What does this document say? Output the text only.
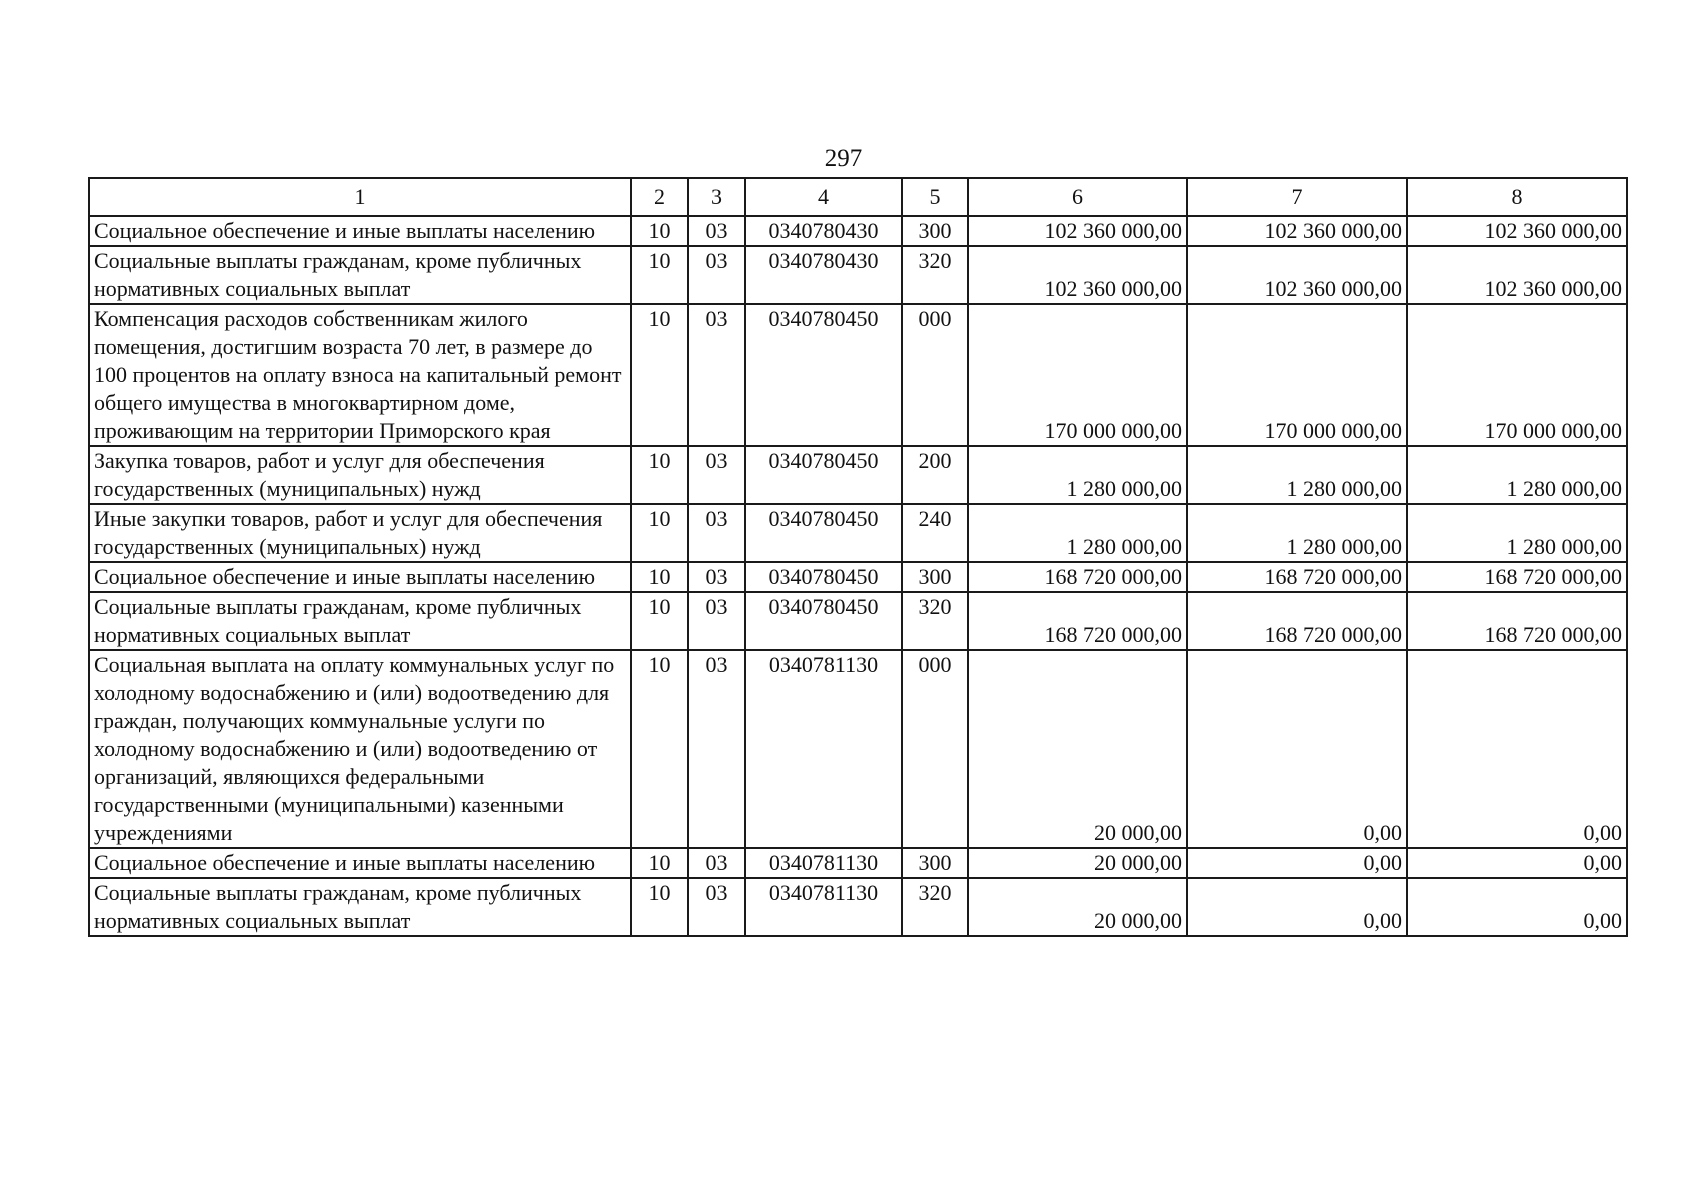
297
1	2	3	4	5	6	7	8
Социальное обеспечение и иные выплаты населению	10	03	0340780430	300	102 360 000,00	102 360 000,00	102 360 000,00
Социальные выплаты гражданам, кроме публичных нормативных социальных выплат	10	03	0340780430	320	102 360 000,00	102 360 000,00	102 360 000,00
Компенсация расходов собственникам жилого помещения, достигшим возраста 70 лет, в размере до 100 процентов на оплату взноса на капитальный ремонт общего имущества в многоквартирном доме, проживающим на территории Приморского края	10	03	0340780450	000	170 000 000,00	170 000 000,00	170 000 000,00
Закупка товаров, работ и услуг для обеспечения государственных (муниципальных) нужд	10	03	0340780450	200	1 280 000,00	1 280 000,00	1 280 000,00
Иные закупки товаров, работ и услуг для обеспечения государственных (муниципальных) нужд	10	03	0340780450	240	1 280 000,00	1 280 000,00	1 280 000,00
Социальное обеспечение и иные выплаты населению	10	03	0340780450	300	168 720 000,00	168 720 000,00	168 720 000,00
Социальные выплаты гражданам, кроме публичных нормативных социальных выплат	10	03	0340780450	320	168 720 000,00	168 720 000,00	168 720 000,00
Социальная выплата на оплату коммунальных услуг по холодному водоснабжению и (или) водоотведению для граждан, получающих коммунальные услуги по холодному водоснабжению и (или) водоотведению от организаций, являющихся федеральными государственными (муниципальными) казенными учреждениями	10	03	0340781130	000	20 000,00	0,00	0,00
Социальное обеспечение и иные выплаты населению	10	03	0340781130	300	20 000,00	0,00	0,00
Социальные выплаты гражданам, кроме публичных нормативных социальных выплат	10	03	0340781130	320	20 000,00	0,00	0,00
